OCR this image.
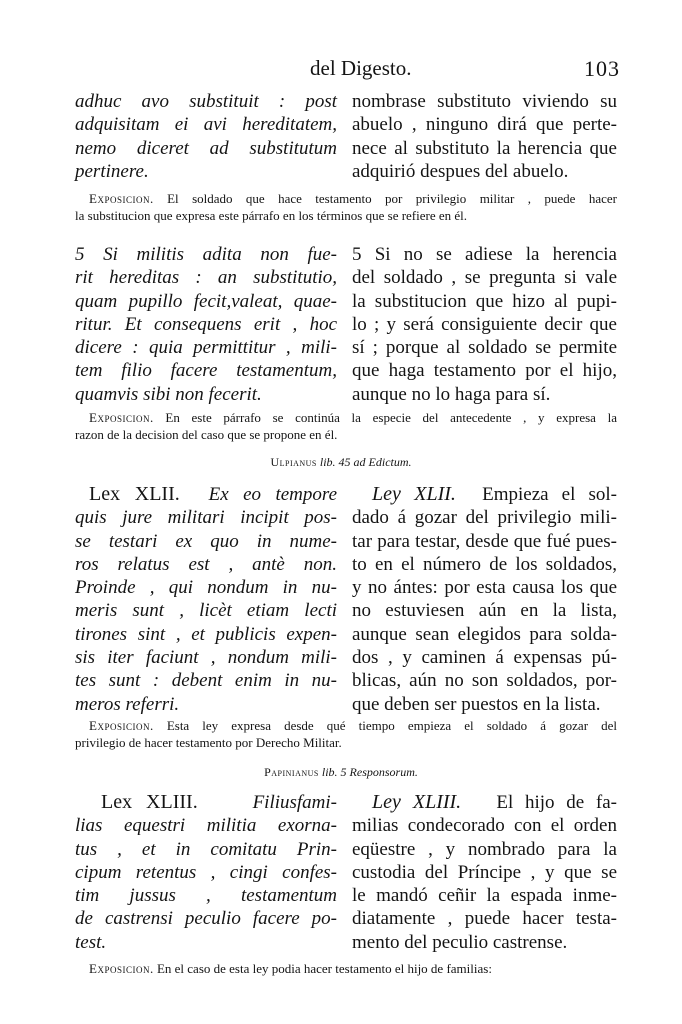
del Digesto.	103
adhuc avo substituit : post
adquisitam ei avi hereditatem,
nemo diceret ad substitutum
pertinere.
nombrase substituto viviendo su
abuelo , ninguno dirá que perte-
nece al substituto la herencia que
adquirió despues del abuelo.
Exposicion. El soldado que hace testamento por privilegio militar , puede hacer
la substitucion que expresa este párrafo en los términos que se refiere en él.
5 Si militis adita non fue-
rit hereditas : an substitutio,
quam pupillo fecit,valeat, quae-
ritur. Et consequens erit , hoc
dicere : quia permittitur , mili-
tem filio facere testamentum,
quamvis sibi non fecerit.
5 Si no se adiese la herencia
del soldado , se pregunta si vale
la substitucion que hizo al pupi-
lo ; y será consiguiente decir que
sí ; porque al soldado se permite
que haga testamento por el hijo,
aunque no lo haga para sí.
Exposicion. En este párrafo se continúa la especie del antecedente , y expresa la
razon de la decision del caso que se propone en él.
Ulpianus lib. 45 ad Edictum.
Lex XLII. Ex eo tempore
quis jure militari incipit pos-
se testari ex quo in nume-
ros relatus est , antè non.
Proinde , qui nondum in nu-
meris sunt , licèt etiam lecti
tirones sint , et publicis expen-
sis iter faciunt , nondum mili-
tes sunt : debent enim in nu-
meros referri.
Ley XLII. Empieza el sol-
dado á gozar del privilegio mili-
tar para testar, desde que fué pues-
to en el número de los soldados,
y no ántes: por esta causa los que
no estuviesen aún en la lista,
aunque sean elegidos para solda-
dos , y caminen á expensas pú-
blicas, aún no son soldados, por-
que deben ser puestos en la lista.
Exposicion. Esta ley expresa desde qué tiempo empieza el soldado á gozar del
privilegio de hacer testamento por Derecho Militar.
Papinianus lib. 5 Responsorum.
Lex XLIII.	Filiusfami-
lias equestri militia exorna-
tus , et in comitatu Prin-
cipum retentus , cingi confes-
tim jussus , testamentum
de castrensi peculio facere po-
test.
Ley XLIII. El hijo de fa-
milias condecorado con el orden
eqüestre , y nombrado para la
custodia del Príncipe , y que se
le mandó ceñir la espada inme-
diatamente , puede hacer testa-
mento del peculio castrense.
Exposicion. En el caso de esta ley podia hacer testamento el hijo de familias:
